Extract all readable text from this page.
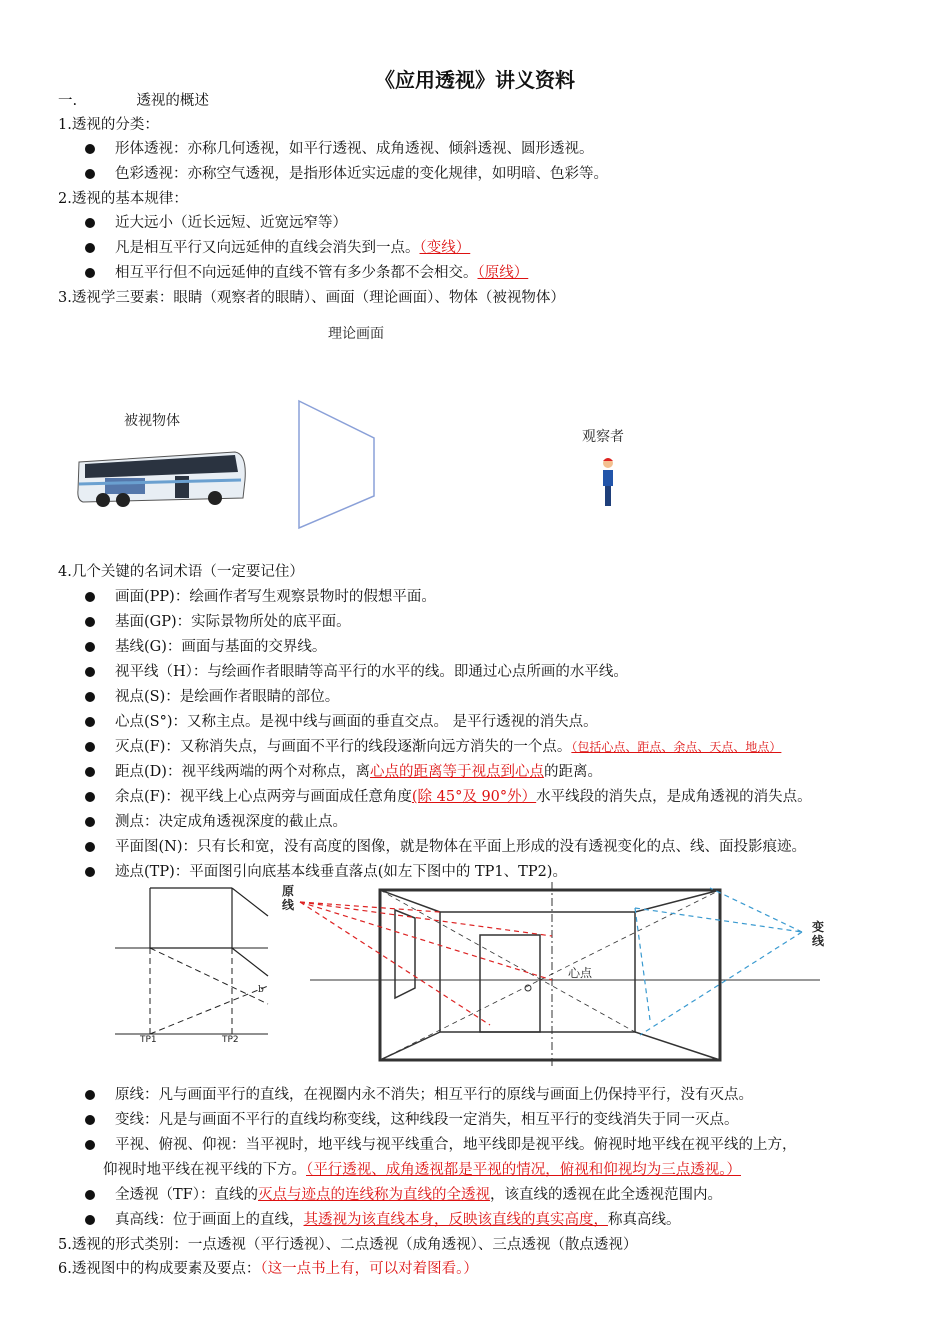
《应用透视》讲义资料
一.	透视的概述
1.透视的分类：
形体透视：亦称几何透视，如平行透视、成角透视、倾斜透视、圆形透视。
色彩透视：亦称空气透视，是指形体近实远虚的变化规律，如明暗、色彩等。
2.透视的基本规律：
近大远小（近长远短、近宽远窄等）
凡是相互平行又向远延伸的直线会消失到一点。（变线）
相互平行但不向远延伸的直线不管有多少条都不会相交。（原线）
3.透视学三要素：眼睛（观察者的眼睛）、画面（理论画面）、物体（被视物体）
理论画面
被视物体
观察者
4.几个关键的名词术语（一定要记住）
画面(PP)：绘画作者写生观察景物时的假想平面。
基面(GP)：实际景物所处的底平面。
基线(G)：画面与基面的交界线。
视平线（H）：与绘画作者眼睛等高平行的水平的线。即通过心点所画的水平线。
视点(S)：是绘画作者眼睛的部位。
心点(S°)：又称主点。是视中线与画面的垂直交点。 是平行透视的消失点。
灭点(F)：又称消失点，与画面不平行的线段逐渐向远方消失的一个点。（包括心点、距点、余点、天点、地点）
距点(D)：视平线两端的两个对称点，离心点的距离等于视点到心点的距离。
余点(F)：视平线上心点两旁与画面成任意角度(除 45°及 90°外）水平线段的消失点，是成角透视的消失点。
测点：决定成角透视深度的截止点。
平面图(N)：只有长和宽，没有高度的图像，就是物体在平面上形成的没有透视变化的点、线、面投影痕迹。
迹点(TP)：平面图引向底基本线垂直落点(如左下图中的 TP1、TP2)。
TP1	TP2
b
原线
变线
心点
原线：凡与画面平行的直线，在视圈内永不消失；相互平行的原线与画面上仍保持平行，没有灭点。
变线：凡是与画面不平行的直线均称变线，这种线段一定消失，相互平行的变线消失于同一灭点。
平视、俯视、仰视：当平视时，地平线与视平线重合，地平线即是视平线。俯视时地平线在视平线的上方，
仰视时地平线在视平线的下方。（平行透视、成角透视都是平视的情况，俯视和仰视均为三点透视。）
全透视（TF）：直线的灭点与迹点的连线称为直线的全透视，该直线的透视在此全透视范围内。
真高线：位于画面上的直线，其透视为该直线本身，反映该直线的真实高度，称真高线。
5.透视的形式类别：一点透视（平行透视）、二点透视（成角透视）、三点透视（散点透视）
6.透视图中的构成要素及要点：（这一点书上有，可以对着图看。）
